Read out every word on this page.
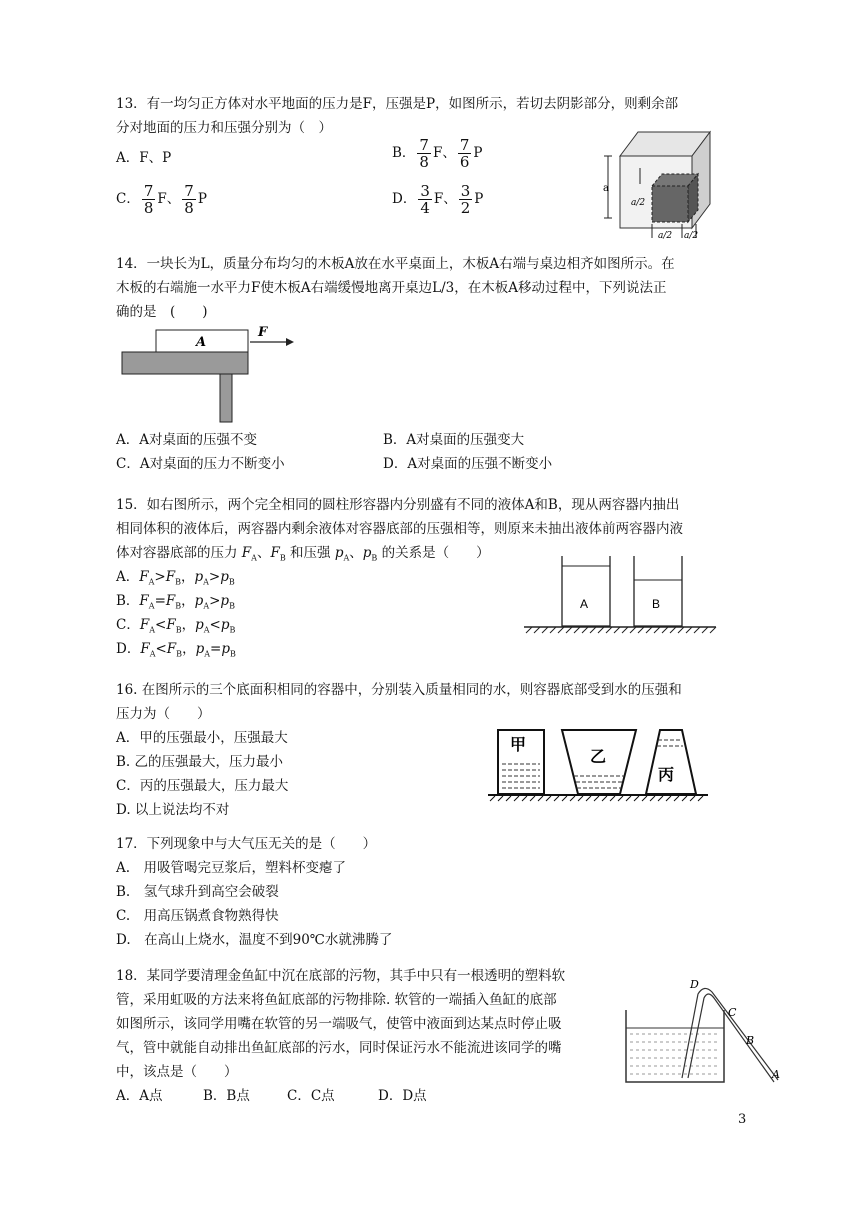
13．有一均匀正方体对水平地面的压力是F，压强是P，如图所示，若切去阴影部分，则剩余部
分对地面的压力和压强分别为（　）
A．F、P	B． $\frac{7}{8}$ F、 $\frac{7}{6}$ P
C． $\frac{7}{8}$ F、 $\frac{7}{8}$ P	D． $\frac{3}{4}$ F、 $\frac{3}{2}$ P
a
a/2
a/2 a/2
14．一块长为L，质量分布均匀的木板A放在水平桌面上，木板A右端与桌边相齐如图所示。在
木板的右端施一水平力F使木板A右端缓慢地离开桌边L/3，在木板A移动过程中，下列说法正
确的是　(　　)
A
F
A．A对桌面的压强不变	B．A对桌面的压强变大
C．A对桌面的压力不断变小	D．A对桌面的压强不断变小
15．如右图所示，两个完全相同的圆柱形容器内分别盛有不同的液体A和B，现从两容器内抽出
相同体积的液体后，两容器内剩余液体对容器底部的压强相等，则原来未抽出液体前两容器内液
体对容器底部的压力 $F_A$、$F_B$ 和压强 $p_A$、$p_B$ 的关系是（　　）
A．$F_A>F_B$，$p_A>p_B$
B．$F_A=F_B$，$p_A>p_B$
C．$F_A<F_B$，$p_A<p_B$
D．$F_A<F_B$，$p_A=p_B$
A	B
16. 在图所示的三个底面积相同的容器中，分别装入质量相同的水，则容器底部受到水的压强和
压力为（　　）
A．甲的压强最小，压强最大
B. 乙的压强最大，压力最小
C．丙的压强最大，压力最大
D. 以上说法均不对
甲
乙
丙
17．下列现象中与大气压无关的是（　　）
A.　用吸管喝完豆浆后，塑料杯变瘪了
B.　氢气球升到高空会破裂
C.　用高压锅煮食物熟得快
D.　在高山上烧水，温度不到90℃水就沸腾了
18．某同学要清理金鱼缸中沉在底部的污物，其手中只有一根透明的塑料软
管，采用虹吸的方法来将鱼缸底部的污物排除. 软管的一端插入鱼缸的底部
如图所示，该同学用嘴在软管的另一端吸气，使管中液面到达某点时停止吸
气，管中就能自动排出鱼缸底部的污水，同时保证污水不能流进该同学的嘴
中，该点是（　　）
A．A点	B．B点	C．C点	D．D点
D
C
B
A
3
